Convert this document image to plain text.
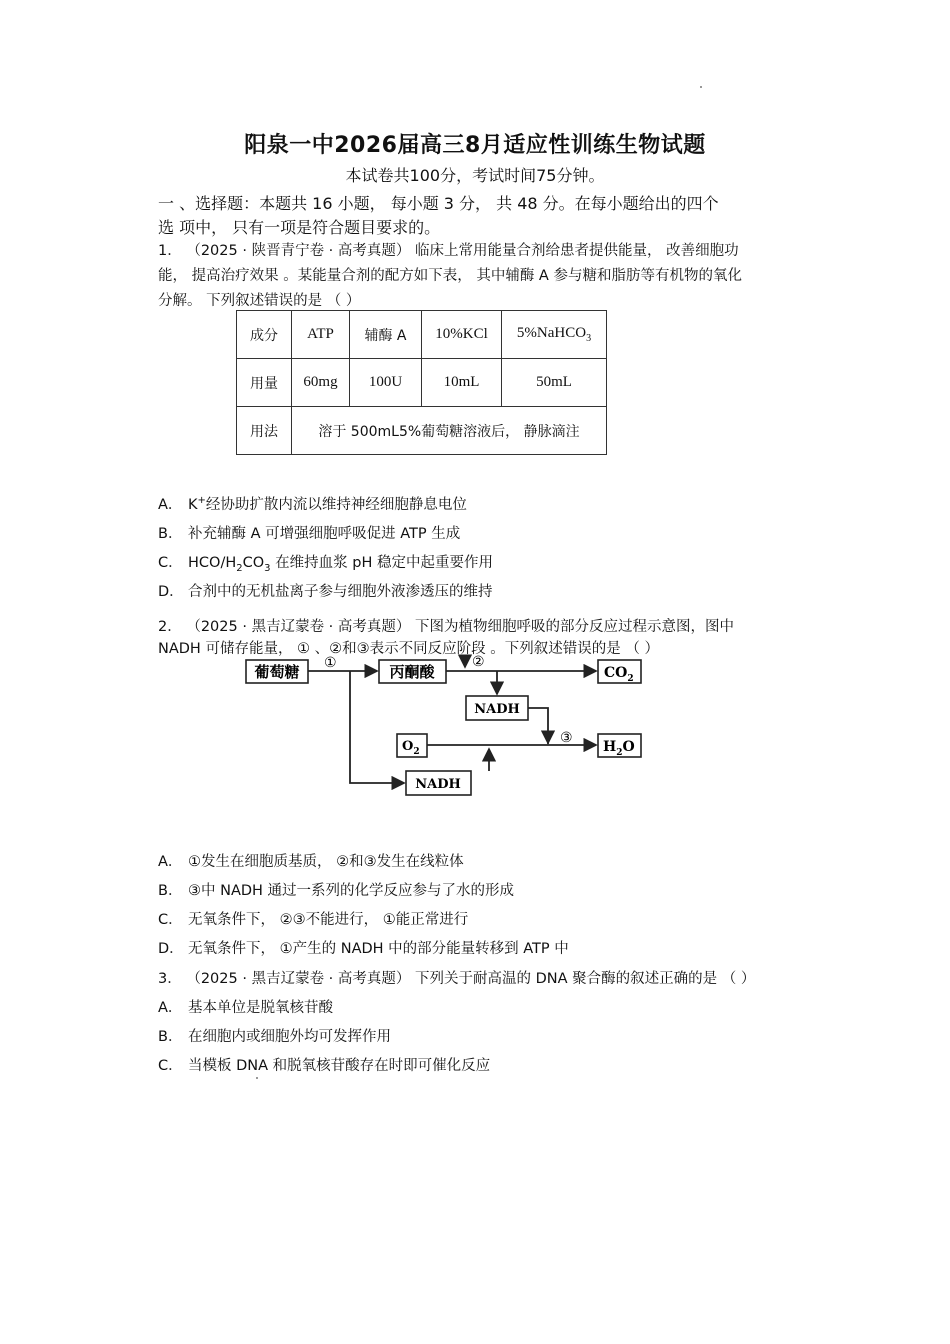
阳泉一中2026届高三8月适应性训练生物试题
本试卷共100分，考试时间75分钟。
一 、选择题：本题共 16 小题， 每小题 3 分， 共 48 分。在每小题给出的四个
选 项中， 只有一项是符合题目要求的。
1． （2025 · 陕晋青宁卷 · 高考真题） 临床上常用能量合剂给患者提供能量， 改善细胞功
能， 提高治疗效果 。某能量合剂的配方如下表， 其中辅酶 A 参与糖和脂肪等有机物的氧化
分解。 下列叙述错误的是 （ ）
成分	ATP	辅酶 A	10%KCl	5%NaHCO$_3$
用量	60mg	100U	10mL	50mL
用法	溶于 500mL5%葡萄糖溶液后， 静脉滴注			
A． K+经协助扩散内流以维持神经细胞静息电位
B． 补充辅酶 A 可增强细胞呼吸促进 ATP 生成
C． HCO/$H_2CO_3$ 在维持血浆 pH 稳定中起重要作用
D． 合剂中的无机盐离子参与细胞外液渗透压的维持
2． （2025 · 黑吉辽蒙卷 · 高考真题） 下图为植物细胞呼吸的部分反应过程示意图，图中
NADH 可储存能量， ① 、②和③表示不同反应阶段 。下列叙述错误的是 （ ）
葡萄糖	丙酮酸	$CO_2$
NADH
$O_2$	$H_2O$
NADH
①	②
③
A． ①发生在细胞质基质， ②和③发生在线粒体
B． ③中 NADH 通过一系列的化学反应参与了水的形成
C． 无氧条件下， ②③不能进行， ①能正常进行
D． 无氧条件下， ①产生的 NADH 中的部分能量转移到 ATP 中
3． （2025 · 黑吉辽蒙卷 · 高考真题） 下列关于耐高温的 DNA 聚合酶的叙述正确的是 （ ）
A． 基本单位是脱氧核苷酸
B． 在细胞内或细胞外均可发挥作用
C． 当模板 DNA 和脱氧核苷酸存在时即可催化反应
